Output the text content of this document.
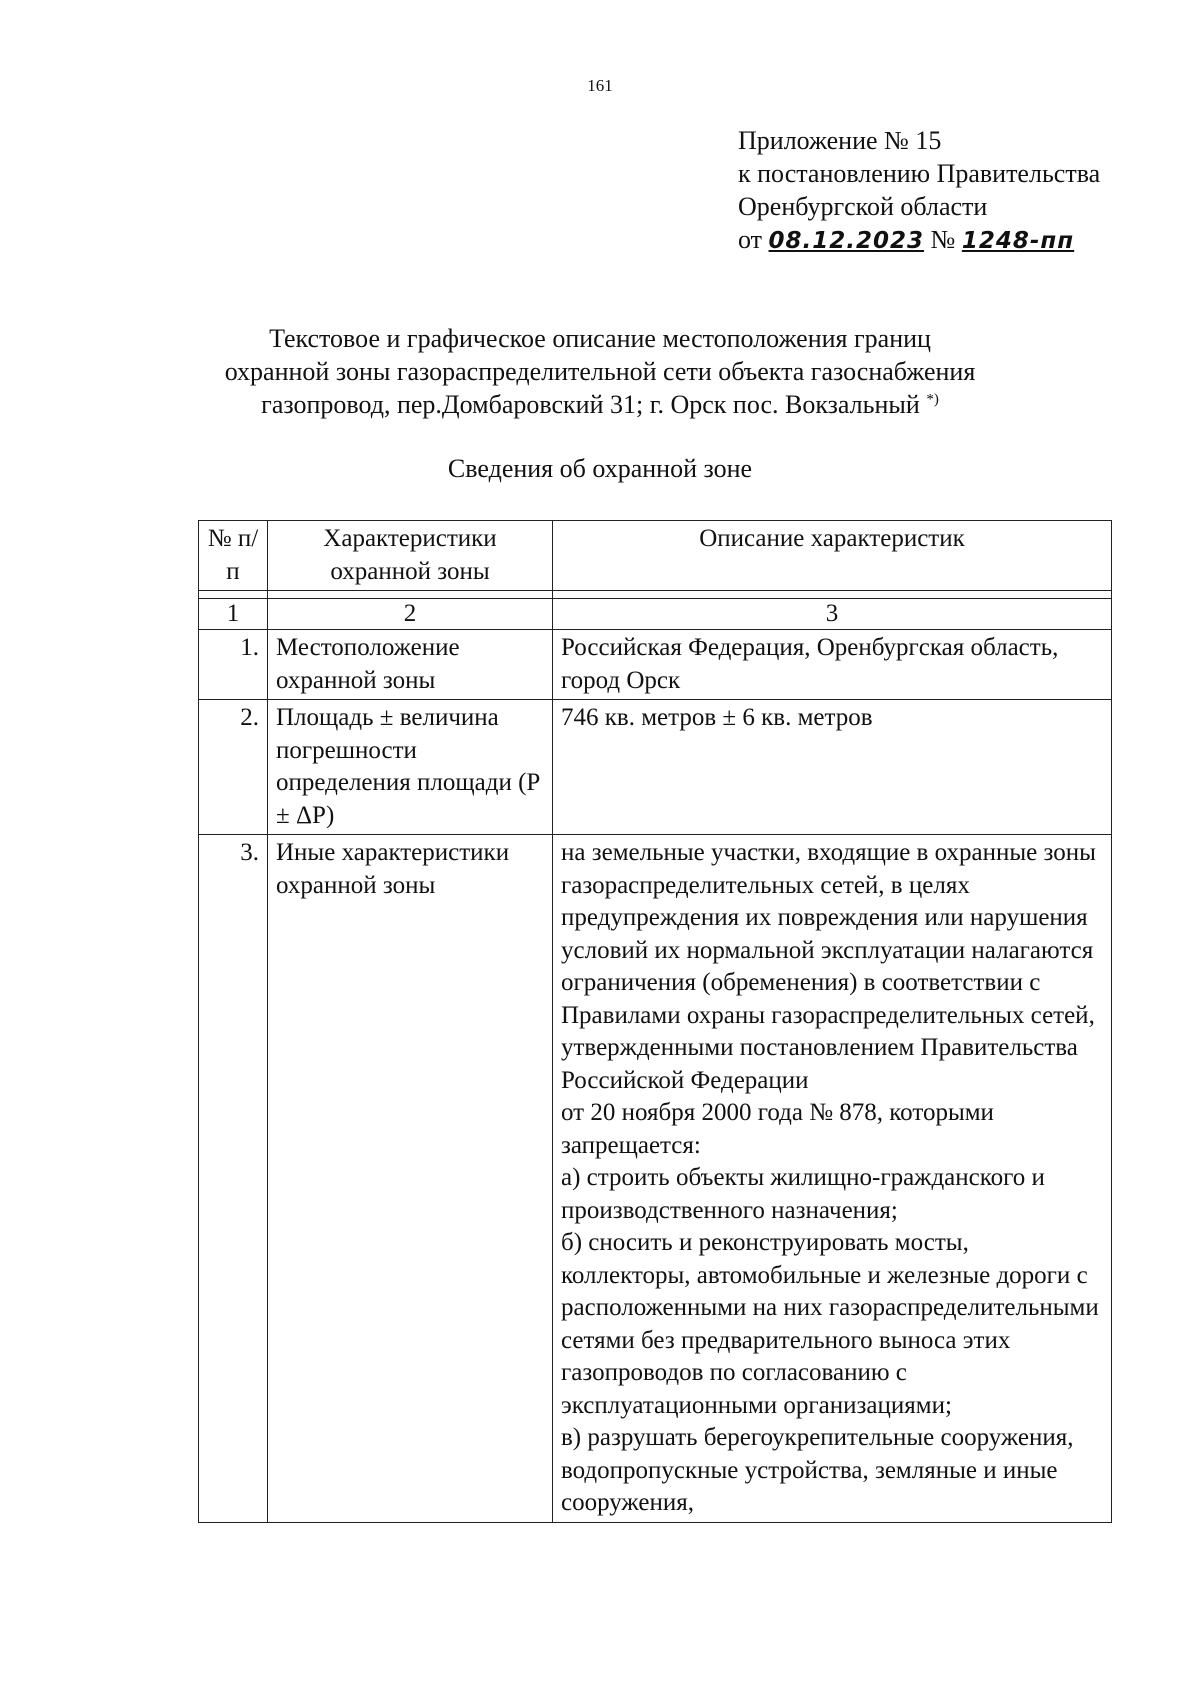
161
Приложение № 15
к постановлению Правительства
Оренбургской области
от 08.12.2023 № 1248-пп
Текстовое и графическое описание местоположения границ
охранной зоны газораспределительной сети объекта газоснабжения
газопровод, пер.Домбаровский 31; г. Орск пос. Вокзальный *)
Сведения об охранной зоне
№ п/п	Характеристики охранной зоны	Описание характеристик

1	2	3
1.	Местоположение охранной зоны	Российская Федерация, Оренбургская область, город Орск

2.	Площадь ± величина погрешности определения площади (P ± ΔP)	746 кв. метров ± 6 кв. метров

3.	Иные характеристики охранной зоны	на земельные участки, входящие в охранные зоны газораспределительных сетей, в целях предупреждения их повреждения или нарушения условий их нормальной эксплуатации налагаются ограничения (обременения) в соответствии с Правилами охраны газораспределительных сетей, утвержденными постановлением Правительства Российской Федерации
от 20 ноября 2000 года № 878, которыми запрещается:
а) строить объекты жилищно-гражданского и производственного назначения;
б) сносить и реконструировать мосты, коллекторы, автомобильные и железные дороги с расположенными на них газораспределительными сетями без предварительного выноса этих газопроводов по согласованию с эксплуатационными организациями;
в) разрушать берегоукрепительные сооружения, водопропускные устройства, земляные и иные сооружения,
